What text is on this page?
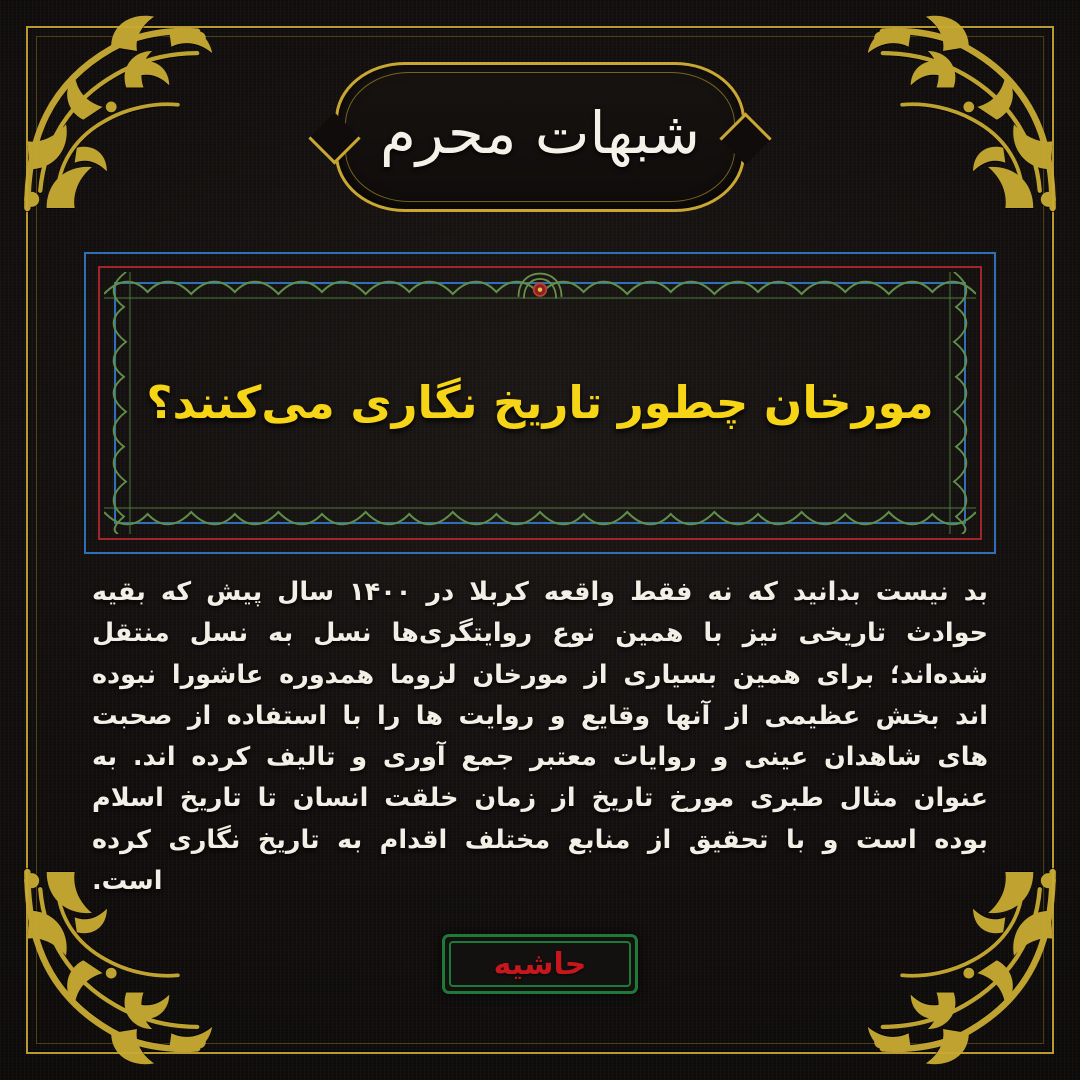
شبهات محرم
مورخان چطور تاریخ نگاری می‌کنند؟
بد نیست بدانید که نه فقط واقعه کربلا در ۱۴۰۰ سال پیش که بقیه حوادث تاریخی نیز با همین نوع روایتگری‌ها نسل به نسل منتقل شده‌اند؛ برای همین بسیاری از مورخان لزوما همدوره عاشورا نبوده اند بخش عظیمی از آنها وقایع و روایت ها را با استفاده از صحبت های شاهدان عینی و روایات معتبر جمع آوری و تالیف کرده اند. به عنوان مثال طبری مورخ تاریخ از زمان خلقت انسان تا تاریخ اسلام بوده است و با تحقیق از منابع مختلف اقدام به تاریخ نگاری کرده است.
حاشیه
